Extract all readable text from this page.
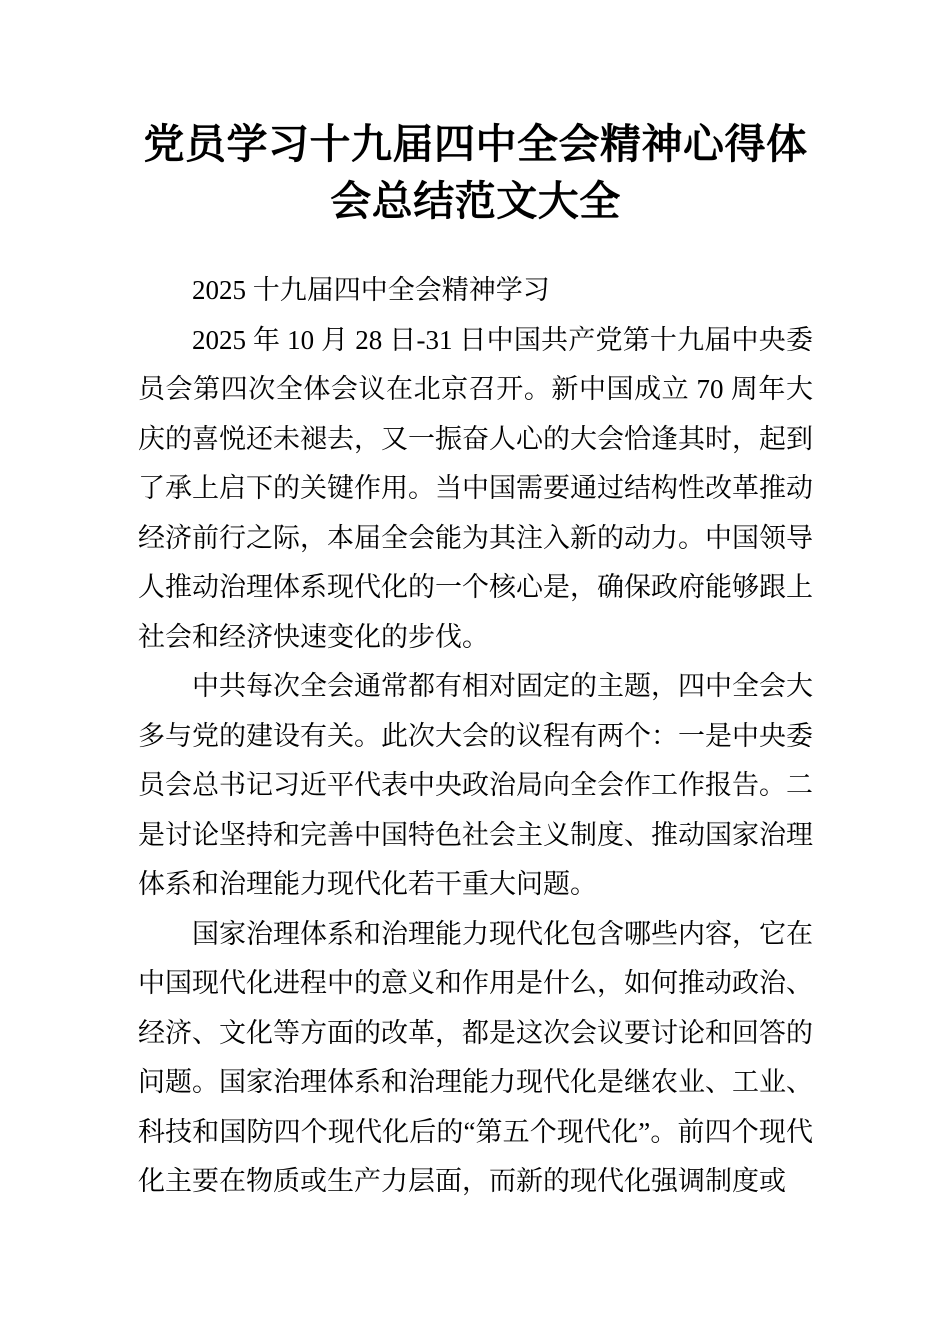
党员学习十九届四中全会精神心得体会总结范文大全

2025 十九届四中全会精神学习

2025 年 10 月 28 日-31 日中国共产党第十九届中央委员会第四次全体会议在北京召开。新中国成立 70 周年大庆的喜悦还未褪去，又一振奋人心的大会恰逢其时，起到了承上启下的关键作用。当中国需要通过结构性改革推动经济前行之际，本届全会能为其注入新的动力。中国领导人推动治理体系现代化的一个核心是，确保政府能够跟上社会和经济快速变化的步伐。

中共每次全会通常都有相对固定的主题，四中全会大多与党的建设有关。此次大会的议程有两个：一是中央委员会总书记习近平代表中央政治局向全会作工作报告。二是讨论坚持和完善中国特色社会主义制度、推动国家治理体系和治理能力现代化若干重大问题。

国家治理体系和治理能力现代化包含哪些内容，它在中国现代化进程中的意义和作用是什么，如何推动政治、经济、文化等方面的改革，都是这次会议要讨论和回答的问题。国家治理体系和治理能力现代化是继农业、工业、科技和国防四个现代化后的“第五个现代化”。前四个现代化主要在物质或生产力层面，而新的现代化强调制度或
